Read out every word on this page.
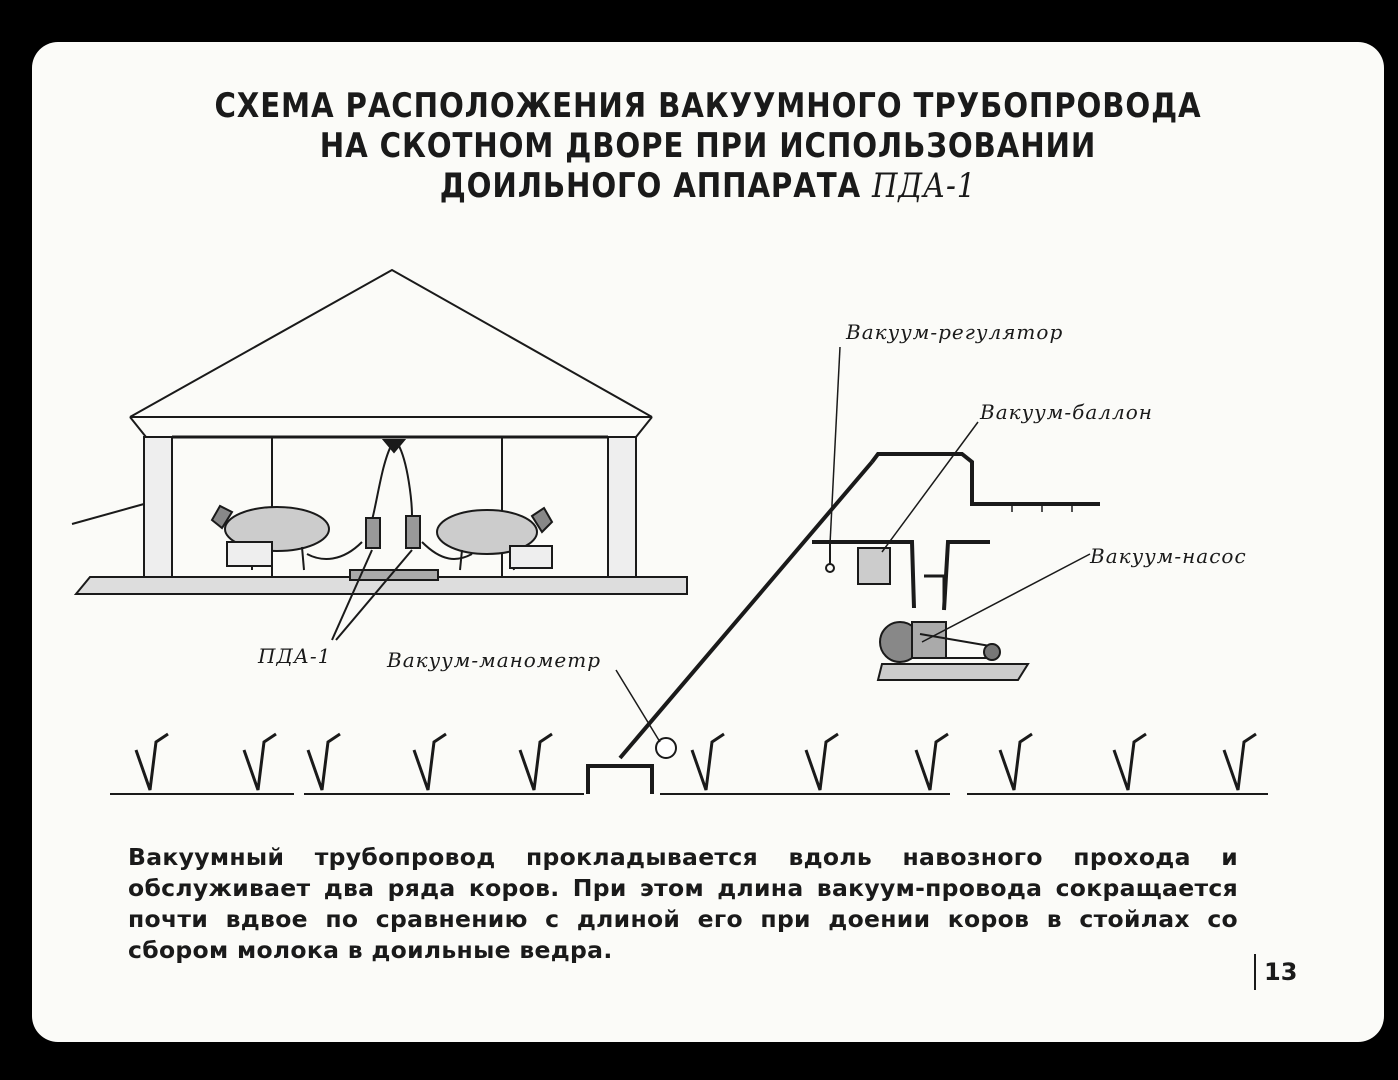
СХЕМА РАСПОЛОЖЕНИЯ ВАКУУМНОГО ТРУБОПРОВОДА
НА СКОТНОМ ДВОРЕ ПРИ ИСПОЛЬЗОВАНИИ
ДОИЛЬНОГО АППАРАТА ПДА-1
Вакуум-регулятор
Вакуум-баллон
Вакуум-насос
Вакуум-манометр
ПДА-1
Вакуумный трубопровод прокладывается вдоль навозного прохода и обслуживает два ряда коров. При этом длина вакуум-провода сокращается почти вдвое по сравнению с длиной его при доении коров в стойлах со сбором молока в доильные ведра.
13
